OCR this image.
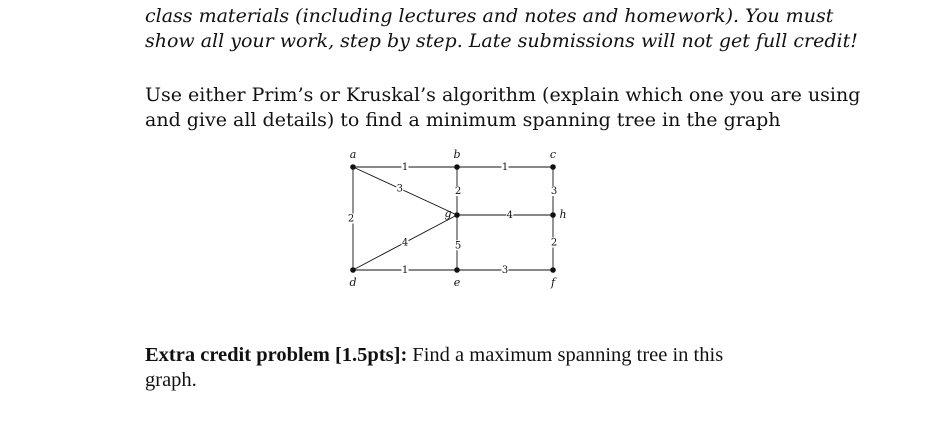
class materials (including lectures and notes and homework). You must
show all your work, step by step. Late submissions will not get full credit!
Use either Prim’s or Kruskal’s algorithm (explain which one you are using
and give all details) to find a minimum spanning tree in the graph
1	1
2
3	2	3
4
4	5	2
1	3
a	b	c
d	e	f
g	h
Extra credit problem [1.5pts]: Find a maximum spanning tree in this
graph.
